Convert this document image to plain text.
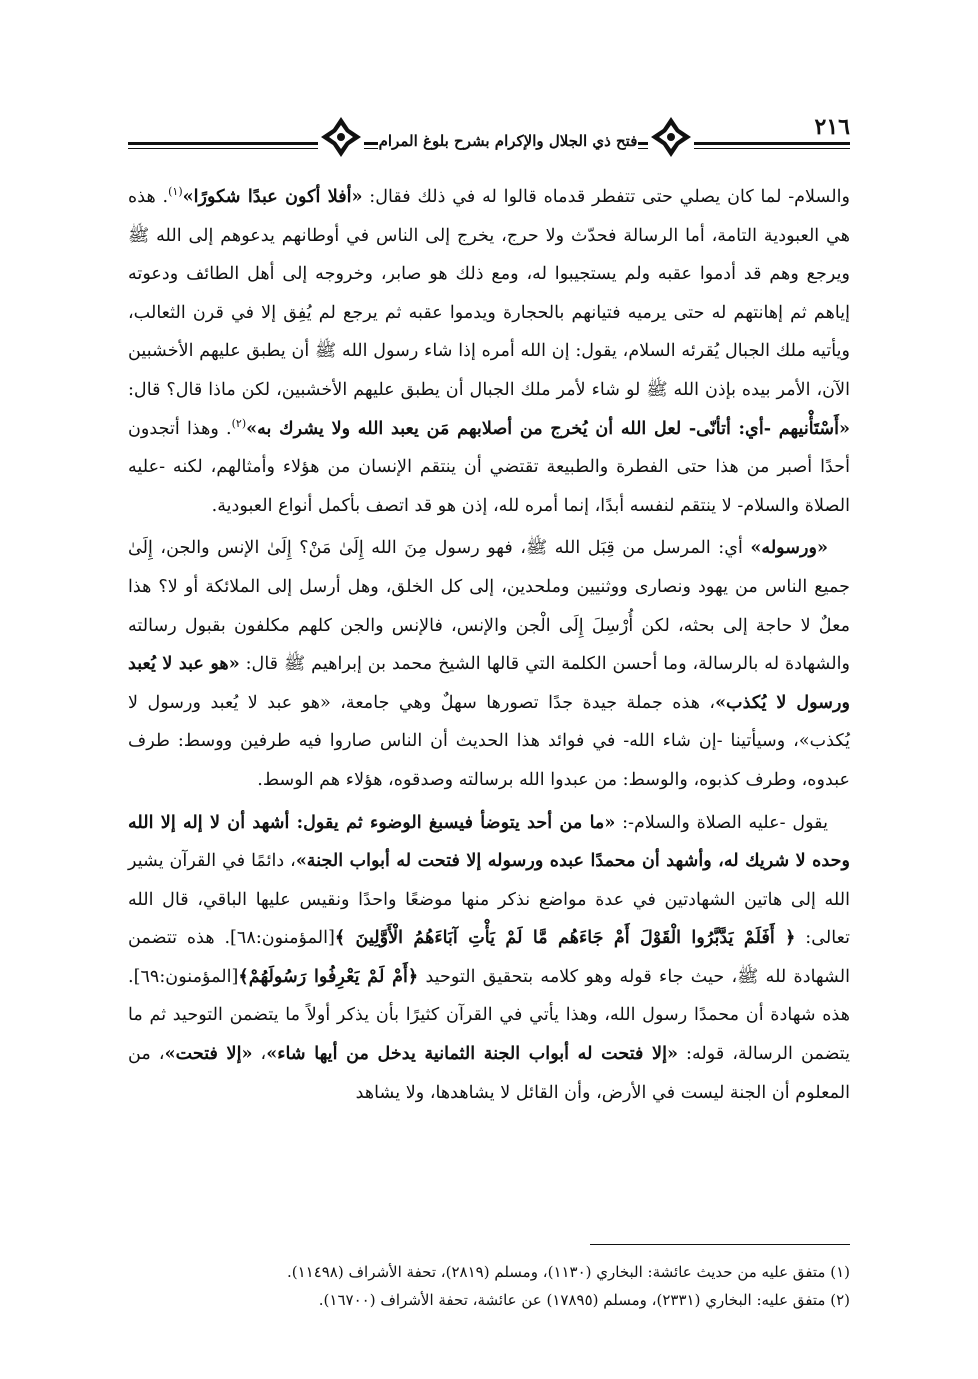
٢١٦
فتح ذي الجلال والإكرام بشرح بلوغ المرام

والسلام- لما كان يصلي حتى تتفطر قدماه قالوا له في ذلك فقال: «أفلا أكون عبدًا شكورًا»$^{(١)}$. هذه هي العبودية التامة، أما الرسالة فحدّث ولا حرج، يخرج إلى الناس في أوطانهم يدعوهم إلى الله ﷺ ويرجع وهم قد أدموا عقبه ولم يستجيبوا له، ومع ذلك هو صابر، وخروجه إلى أهل الطائف ودعوته إياهم ثم إهانتهم له حتى يرميه فتيانهم بالحجارة ويدموا عقبه ثم يرجع لم يُفِق إلا في قرن الثعالب، ويأتيه ملك الجبال يُقرئه السلام، يقول: إن الله أمره إذا شاء رسول الله ﷺ أن يطبق عليهم الأخشبين الآن، الأمر بيده بإذن الله ﷺ لو شاء لأمر ملك الجبال أن يطبق عليهم الأخشبين، لكن ماذا قال؟ قال: «أَسْتَأْنيهم -أي: أتأنّى- لعل الله أن يُخرج من أصلابهم مَن يعبد الله ولا يشرك به»$^{(٢)}$. وهذا أتجدون أحدًا أصبر من هذا حتى الفطرة والطبيعة تقتضي أن ينتقم الإنسان من هؤلاء وأمثالهم، لكنه -عليه الصلاة والسلام- لا ينتقم لنفسه أبدًا، إنما أمره لله، إذن هو قد اتصف بأكمل أنواع العبودية.

«ورسوله» أي: المرسل من قِبَل الله ﷺ، فهو رسول مِنَ الله إِلَىٰ مَنْ؟ إِلَىٰ الإنس والجن، إِلَىٰ جميع الناس من يهود ونصارى ووثنيين وملحدين، إلى كل الخلق، وهل أرسل إلى الملائكة أو لا؟ هذا معلٌ لا حاجة إلى بحثه، لكن أُرْسِلَ إِلَى الْجن والإنس، فالإنس والجن كلهم مكلفون بقبول رسالته والشهادة له بالرسالة، وما أحسن الكلمة التي قالها الشيخ محمد بن إبراهيم ﷺ قال: «هو عبد لا يُعبد ورسول لا يُكذب»، هذه جملة جيدة جدًا تصورها سهلٌ وهي جامعة، «هو عبد لا يُعبد ورسول لا يُكذب»، وسيأتينا -إن شاء الله- في فوائد هذا الحديث أن الناس صاروا فيه طرفين ووسط: طرف عبدوه، وطرف كذبوه، والوسط: من عبدوا الله برسالته وصدقوه، هؤلاء هم الوسط.

يقول -عليه الصلاة والسلام-: «ما من أحد يتوضأ فيسبغ الوضوء ثم يقول: أشهد أن لا إله إلا الله وحده لا شريك له، وأشهد أن محمدًا عبده ورسوله إلا فتحت له أبواب الجنة»، دائمًا في القرآن يشير الله إلى هاتين الشهادتين في عدة مواضع نذكر منها موضعًا واحدًا ونقيس عليها الباقي، قال الله تعالى: ﴿ أَفَلَمْ يَدَّبَّرُوا الْقَوْلَ أَمْ جَاءَهُم مَّا لَمْ يَأْتِ آبَاءَهُمُ الْأَوَّلِينَ ﴾[المؤمنون:٦٨]. هذه تتضمن الشهادة لله ﷺ، حيث جاء قوله وهو كلامه بتحقيق التوحيد ﴿أَمْ لَمْ يَعْرِفُوا رَسُولَهُمْ﴾[المؤمنون:٦٩]. هذه شهادة أن محمدًا رسول الله، وهذا يأتي في القرآن كثيرًا بأن يذكر أولاً ما يتضمن التوحيد ثم ما يتضمن الرسالة، قوله: «إلا فتحت له أبواب الجنة الثمانية يدخل من أيها شاء»، «إلا فتحت»، من المعلوم أن الجنة ليست في الأرض، وأن القائل لا يشاهدها، ولا يشاهد

(١) متفق عليه من حديث عائشة: البخاري (١١٣٠)، ومسلم (٢٨١٩)، تحفة الأشراف (١١٤٩٨).

(٢) متفق عليه: البخاري (٢٣٣١)، ومسلم (١٧٨٩٥) عن عائشة، تحفة الأشراف (١٦٧٠٠).
